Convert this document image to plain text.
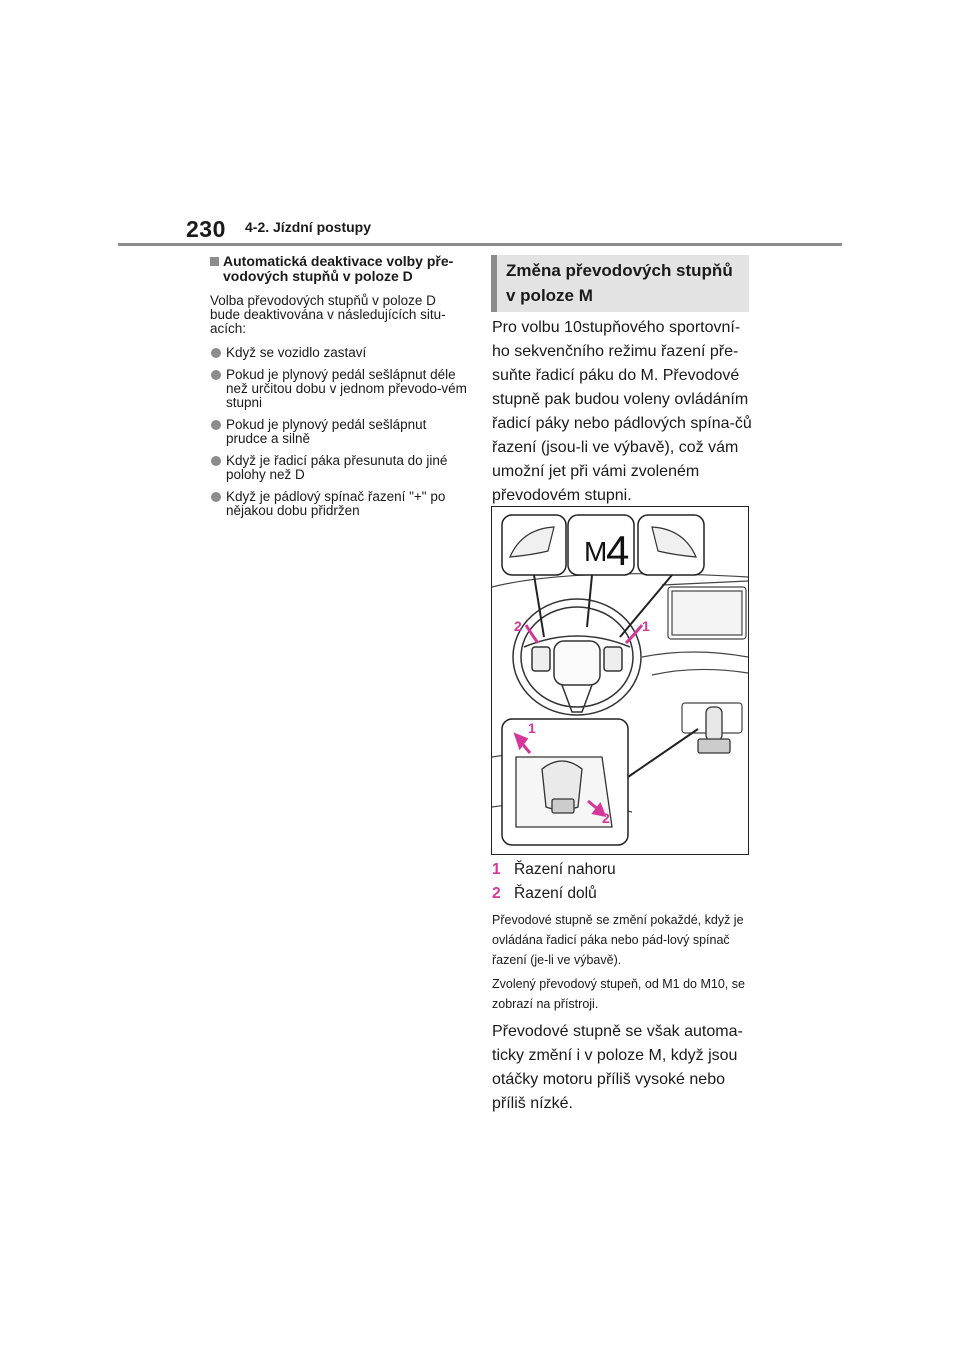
230 4-2. Jízdní postupy
Automatická deaktivace volby pře-vodových stupňů v poloze D
Volba převodových stupňů v poloze D bude deaktivována v následujících situ-acích:
Když se vozidlo zastaví
Pokud je plynový pedál sešlápnut déle než určitou dobu v jednom převodo-vém stupni
Pokud je plynový pedál sešlápnut prudce a silně
Když je řadicí páka přesunuta do jiné polohy než D
Když je pádlový spínač řazení "+" po nějakou dobu přidržen
Změna převodových stupňů
v poloze M

Pro volbu 10stupňového sportovní-ho sekvenčního režimu řazení pře-suňte řadicí páku do M. Převodové stupně pak budou voleny ovládáním řadicí páky nebo pádlových spína-čů řazení (jsou-li ve výbavě), což vám umožní jet při vámi zvoleném převodovém stupni.

M
4
2	1
1
2
1 Řazení nahoru
2 Řazení dolů
Převodové stupně se změní pokaždé, když je ovládána řadicí páka nebo pád-lový spínač řazení (je-li ve výbavě).
Zvolený převodový stupeň, od M1 do M10, se zobrazí na přístroji.
Převodové stupně se však automa-ticky změní i v poloze M, když jsou otáčky motoru příliš vysoké nebo příliš nízké.
